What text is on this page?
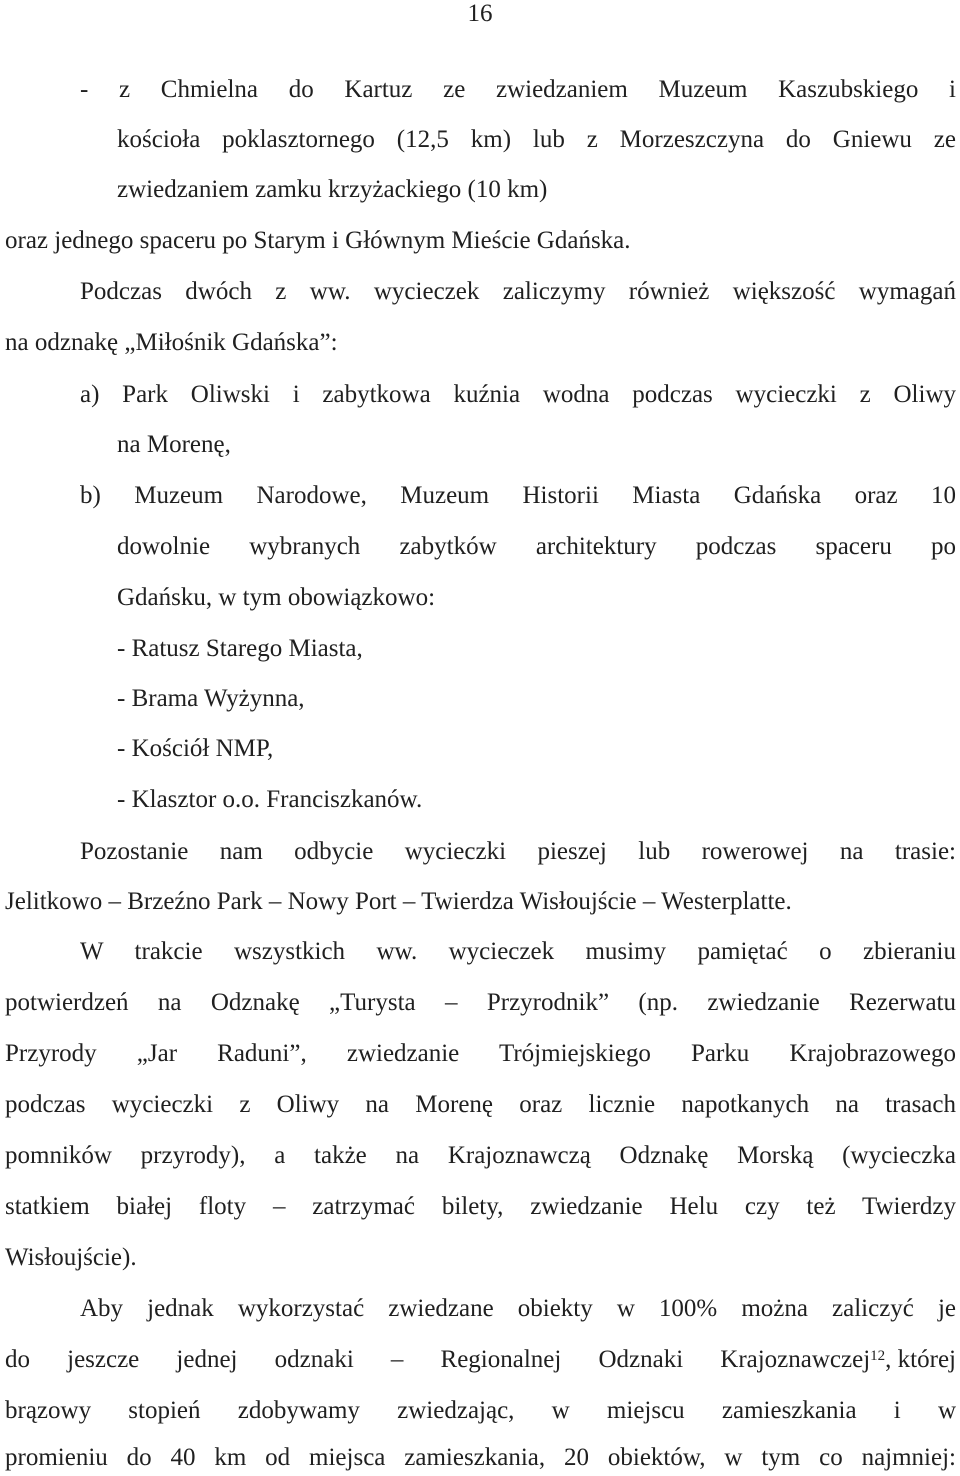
16
- z Chmielna do Kartuz ze zwiedzaniem Muzeum Kaszubskiego i
kościoła poklasztornego (12,5 km) lub z Morzeszczyna do Gniewu ze
zwiedzaniem zamku krzyżackiego (10 km)
oraz jednego spaceru po Starym i Głównym Mieście Gdańska.
Podczas dwóch z ww. wycieczek zaliczymy również większość wymagań
na odznakę „Miłośnik Gdańska”:
a) Park Oliwski i zabytkowa kuźnia wodna podczas wycieczki z Oliwy
na Morenę,
b) Muzeum Narodowe, Muzeum Historii Miasta Gdańska oraz 10
dowolnie wybranych zabytków architektury podczas spaceru po
Gdańsku, w tym obowiązkowo:
- Ratusz Starego Miasta,
- Brama Wyżynna,
- Kościół NMP,
- Klasztor o.o. Franciszkanów.
Pozostanie nam odbycie wycieczki pieszej lub rowerowej na trasie:
Jelitkowo – Brzeźno Park – Nowy Port – Twierdza Wisłoujście – Westerplatte.
W trakcie wszystkich ww. wycieczek musimy pamiętać o zbieraniu
potwierdzeń na Odznakę „Turysta – Przyrodnik” (np. zwiedzanie Rezerwatu
Przyrody „Jar Raduni”, zwiedzanie Trójmiejskiego Parku Krajobrazowego
podczas wycieczki z Oliwy na Morenę oraz licznie napotkanych na trasach
pomników przyrody), a także na Krajoznawczą Odznakę Morską (wycieczka
statkiem białej floty – zatrzymać bilety, zwiedzanie Helu czy też Twierdzy
Wisłoujście).
Aby jednak wykorzystać zwiedzane obiekty w 100% można zaliczyć je
do jeszcze jednej odznaki – Regionalnej Odznaki Krajoznawczej $^{12}$, której
brązowy stopień zdobywamy zwiedzając, w miejscu zamieszkania i w
promieniu do 40 km od miejsca zamieszkania, 20 obiektów, w tym co najmniej:
